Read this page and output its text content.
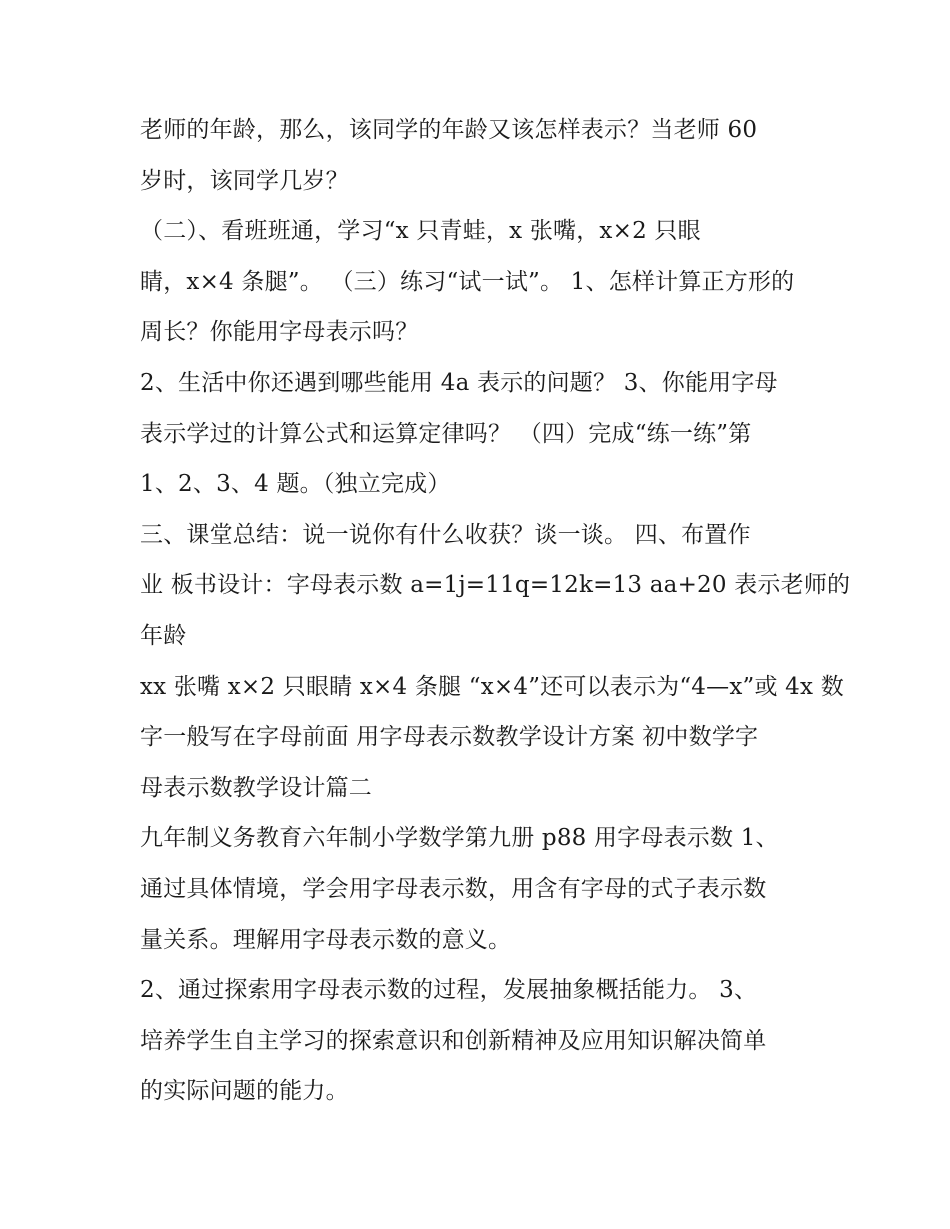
老师的年龄，那么，该同学的年龄又该怎样表示？当老师 60
岁时，该同学几岁？
（二）、看班班通，学习“x 只青蛙，x 张嘴，x×2 只眼
睛，x×4 条腿”。 （三）练习“试一试”。 1、怎样计算正方形的
周长？你能用字母表示吗？
2、生活中你还遇到哪些能用 4a 表示的问题？ 3、你能用字母
表示学过的计算公式和运算定律吗？ （四）完成“练一练”第
1、2、3、4 题。（独立完成）
三、课堂总结：说一说你有什么收获？谈一谈。 四、布置作
业 板书设计：字母表示数 a=1j=11q=12k=13 aa+20 表示老师的
年龄
xx 张嘴 x×2 只眼睛 x×4 条腿 “x×4”还可以表示为“4—x”或 4x 数
字一般写在字母前面 用字母表示数教学设计方案 初中数学字
母表示数教学设计篇二
九年制义务教育六年制小学数学第九册 p88 用字母表示数 1、
通过具体情境，学会用字母表示数，用含有字母的式子表示数
量关系。理解用字母表示数的意义。
2、通过探索用字母表示数的过程，发展抽象概括能力。 3、
培养学生自主学习的探索意识和创新精神及应用知识解决简单
的实际问题的能力。
